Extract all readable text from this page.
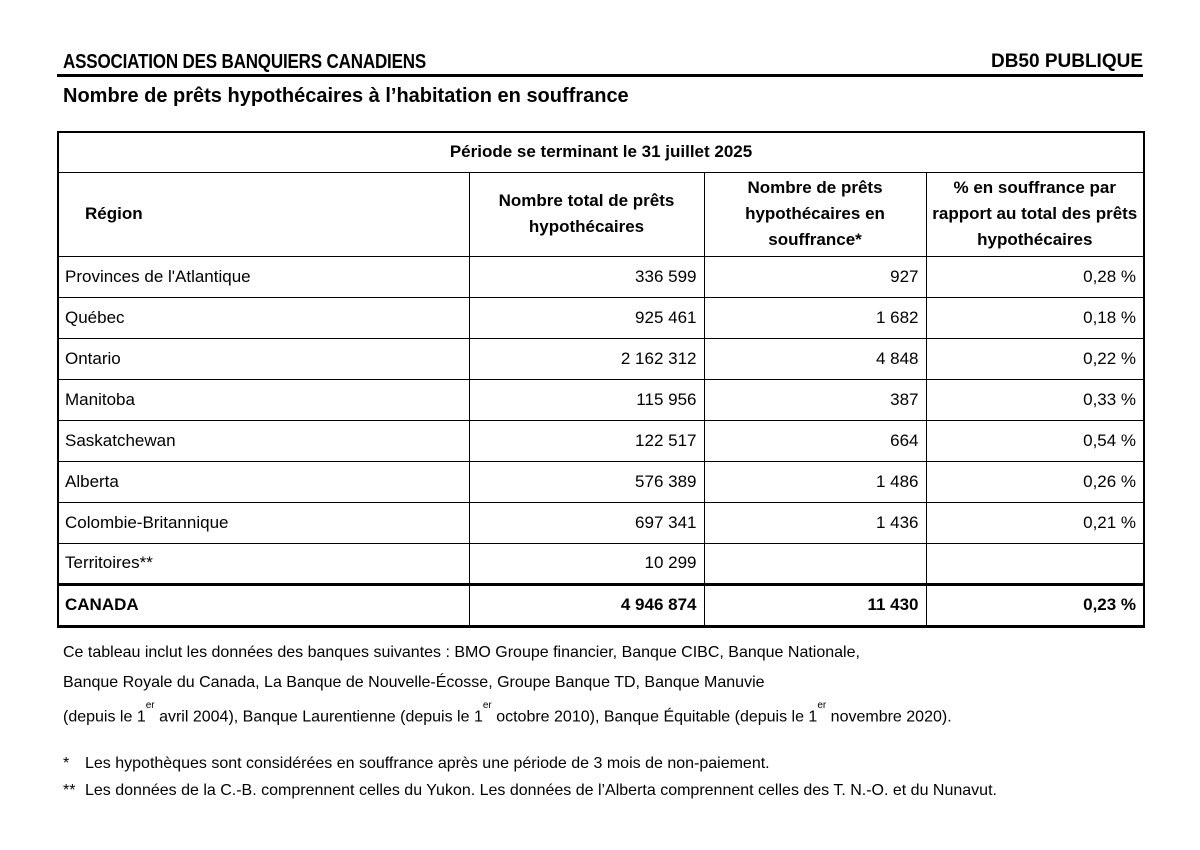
ASSOCIATION DES BANQUIERS CANADIENS	DB50 PUBLIQUE
Nombre de prêts hypothécaires à l’habitation en souffrance
Période se terminant le 31 juillet 2025			
Région	Nombre total de prêts hypothécaires	Nombre de prêts hypothécaires en souffrance*	% en souffrance par rapport au total des prêts hypothécaires
Provinces de l'Atlantique	336 599	927	0,28 %
Québec	925 461	1 682	0,18 %
Ontario	2 162 312	4 848	0,22 %
Manitoba	115 956	387	0,33 %
Saskatchewan	122 517	664	0,54 %
Alberta	576 389	1 486	0,26 %
Colombie-Britannique	697 341	1 436	0,21 %
Territoires**	10 299		
CANADA	4 946 874	11 430	0,23 %
Ce tableau inclut les données des banques suivantes : BMO Groupe financier, Banque CIBC, Banque Nationale,
Banque Royale du Canada, La Banque de Nouvelle-Écosse, Groupe Banque TD, Banque Manuvie
(depuis le 1er avril 2004), Banque Laurentienne (depuis le 1er octobre 2010), Banque Équitable (depuis le 1er novembre 2020).
* Les hypothèques sont considérées en souffrance après une période de 3 mois de non-paiement.
** Les données de la C.-B. comprennent celles du Yukon. Les données de l’Alberta comprennent celles des T. N.-O. et du Nunavut.
